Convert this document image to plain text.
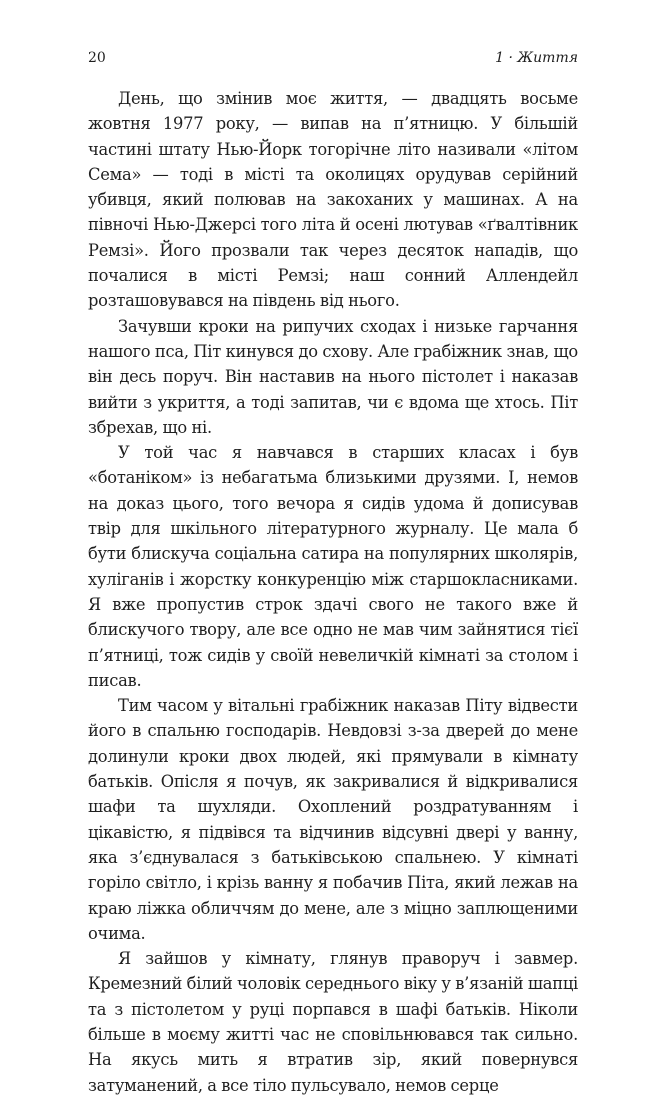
20	1 · Життя

День, що змінив моє життя, — двадцять восьме жовтня 1977 року, — випав на п’ятницю. У більшій частині штату Нью-Йорк тогорічне літо називали «літом Сема» — тоді в місті та околицях орудував серійний убивця, який полював на закоханих у машинах. А на півночі Нью-Джерсі того літа й осені лютував «ґвалтівник Ремзі». Його прозвали так через десяток нападів, що почалися в місті Ремзі; наш сонний Аллендейл розташовувався на південь від нього.

Зачувши кроки на рипучих сходах і низьке гарчання нашого пса, Піт кинувся до схову. Але грабіжник знав, що він десь поруч. Він наставив на нього пістолет і наказав вийти з укриття, а тоді запитав, чи є вдома ще хтось. Піт збрехав, що ні.

У той час я навчався в старших класах і був «ботаніком» із небагатьма близькими друзями. І, немов на доказ цього, того вечора я сидів удома й дописував твір для шкільного літературного журналу. Це мала б бути блискуча соціальна сатира на популярних школярів, хуліганів і жорстку конкуренцію між старшокласниками. Я вже пропустив строк здачі свого не такого вже й блискучого твору, але все одно не мав чим зайнятися тієї п’ятниці, тож сидів у своїй невеличкій кімнаті за столом і писав.

Тим часом у вітальні грабіжник наказав Піту відвести його в спальню господарів. Невдовзі з-за дверей до мене долинули кроки двох людей, які прямували в кімнату батьків. Опісля я почув, як закривалися й відкривалися шафи та шухляди. Охоплений роздратуванням і цікавістю, я підвівся та відчинив відсувні двері у ванну, яка з’єднувалася з батьківською спальнею. У кімнаті горіло світло, і крізь ванну я побачив Піта, який лежав на краю ліжка обличчям до мене, але з міцно заплющеними очима.

Я зайшов у кімнату, глянув праворуч і завмер. Кремезний білий чоловік середнього віку у в’язаній шапці та з пістолетом у руці порпався в шафі батьків. Ніколи більше в моєму житті час не сповільнювався так сильно. На якусь мить я втратив зір, який повернувся затуманений, а все тіло пульсувало, немов серце
